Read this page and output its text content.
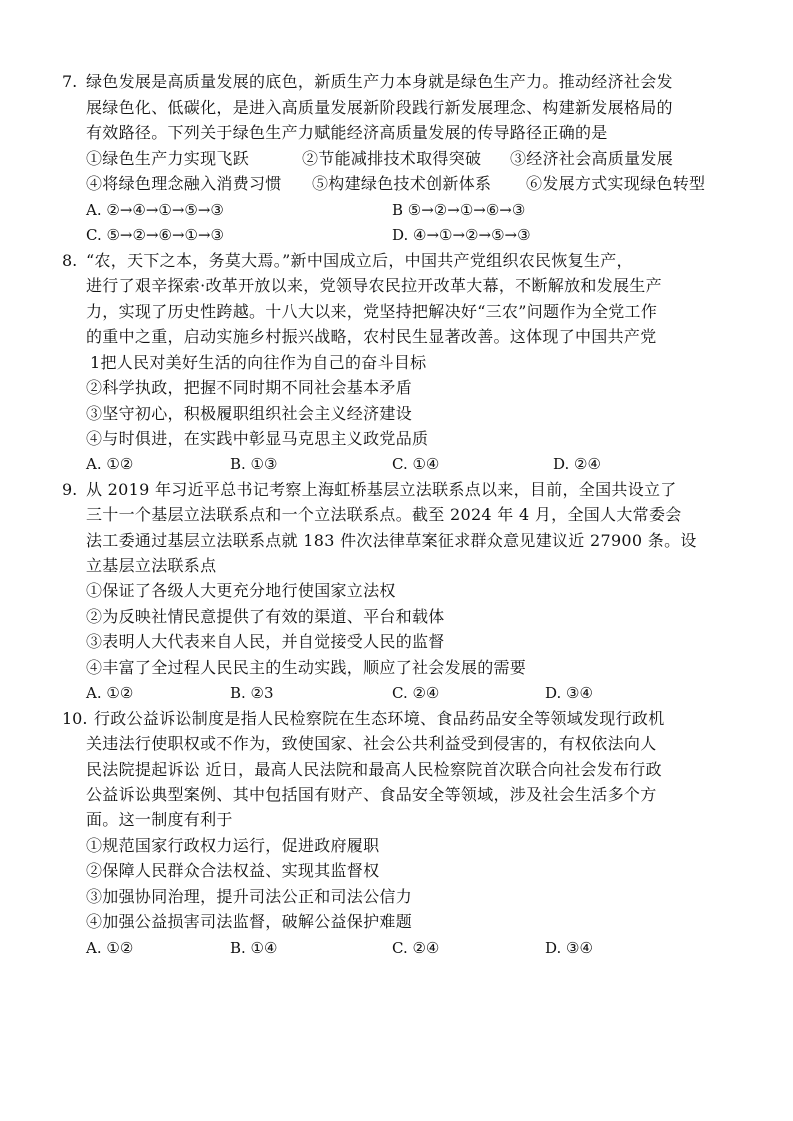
7. 绿色发展是高质量发展的底色，新质生产力本身就是绿色生产力。推动经济社会发
展绿色化、低碳化，是进入高质量发展新阶段践行新发展理念、构建新发展格局的
有效路径。下列关于绿色生产力赋能经济高质量发展的传导路径正确的是
①绿色生产力实现飞跃	②节能减排技术取得突破 ③经济社会高质量发展
④将绿色理念融入消费习惯 ⑤构建绿色技术创新体系 ⑥发展方式实现绿色转型
A. ②→④→①→⑤→③	B ⑤→②→①→⑥→③
C. ⑤→②→⑥→①→③	D. ④→①→②→⑤→③
8. “农，天下之本，务莫大焉。”新中国成立后，中国共产党组织农民恢复生产，
进行了艰辛探索·改革开放以来，党领导农民拉开改革大幕，不断解放和发展生产
力，实现了历史性跨越。十八大以来，党坚持把解决好“三农”问题作为全党工作
的重中之重，启动实施乡村振兴战略，农村民生显著改善。这体现了中国共产党
1把人民对美好生活的向往作为自己的奋斗目标
②科学执政，把握不同时期不同社会基本矛盾
③坚守初心，积极履职组织社会主义经济建设
④与时俱进，在实践中彰显马克思主义政党品质
A. ①②	B. ①③	C. ①④	D. ②④
9. 从 2019 年习近平总书记考察上海虹桥基层立法联系点以来，目前，全国共设立了
三十一个基层立法联系点和一个立法联系点。截至 2024 年 4 月，全国人大常委会
法工委通过基层立法联系点就 183 件次法律草案征求群众意见建议近 27900 条。设
立基层立法联系点
①保证了各级人大更充分地行使国家立法权
②为反映社情民意提供了有效的渠道、平台和载体
③表明人大代表来自人民，并自觉接受人民的监督
④丰富了全过程人民民主的生动实践，顺应了社会发展的需要
A. ①②	B. ②3	C. ②④	D. ③④
10. 行政公益诉讼制度是指人民检察院在生态环境、食品药品安全等领域发现行政机
关违法行使职权或不作为，致使国家、社会公共利益受到侵害的，有权依法向人
民法院提起诉讼 近日，最高人民法院和最高人民检察院首次联合向社会发布行政
公益诉讼典型案例、其中包括国有财产、食品安全等领域，涉及社会生活多个方
面。这一制度有利于
①规范国家行政权力运行，促进政府履职
②保障人民群众合法权益、实现其监督权
③加强协同治理，提升司法公正和司法公信力
④加强公益损害司法监督，破解公益保护难题
A. ①②	B. ①④	C. ②④	D. ③④
